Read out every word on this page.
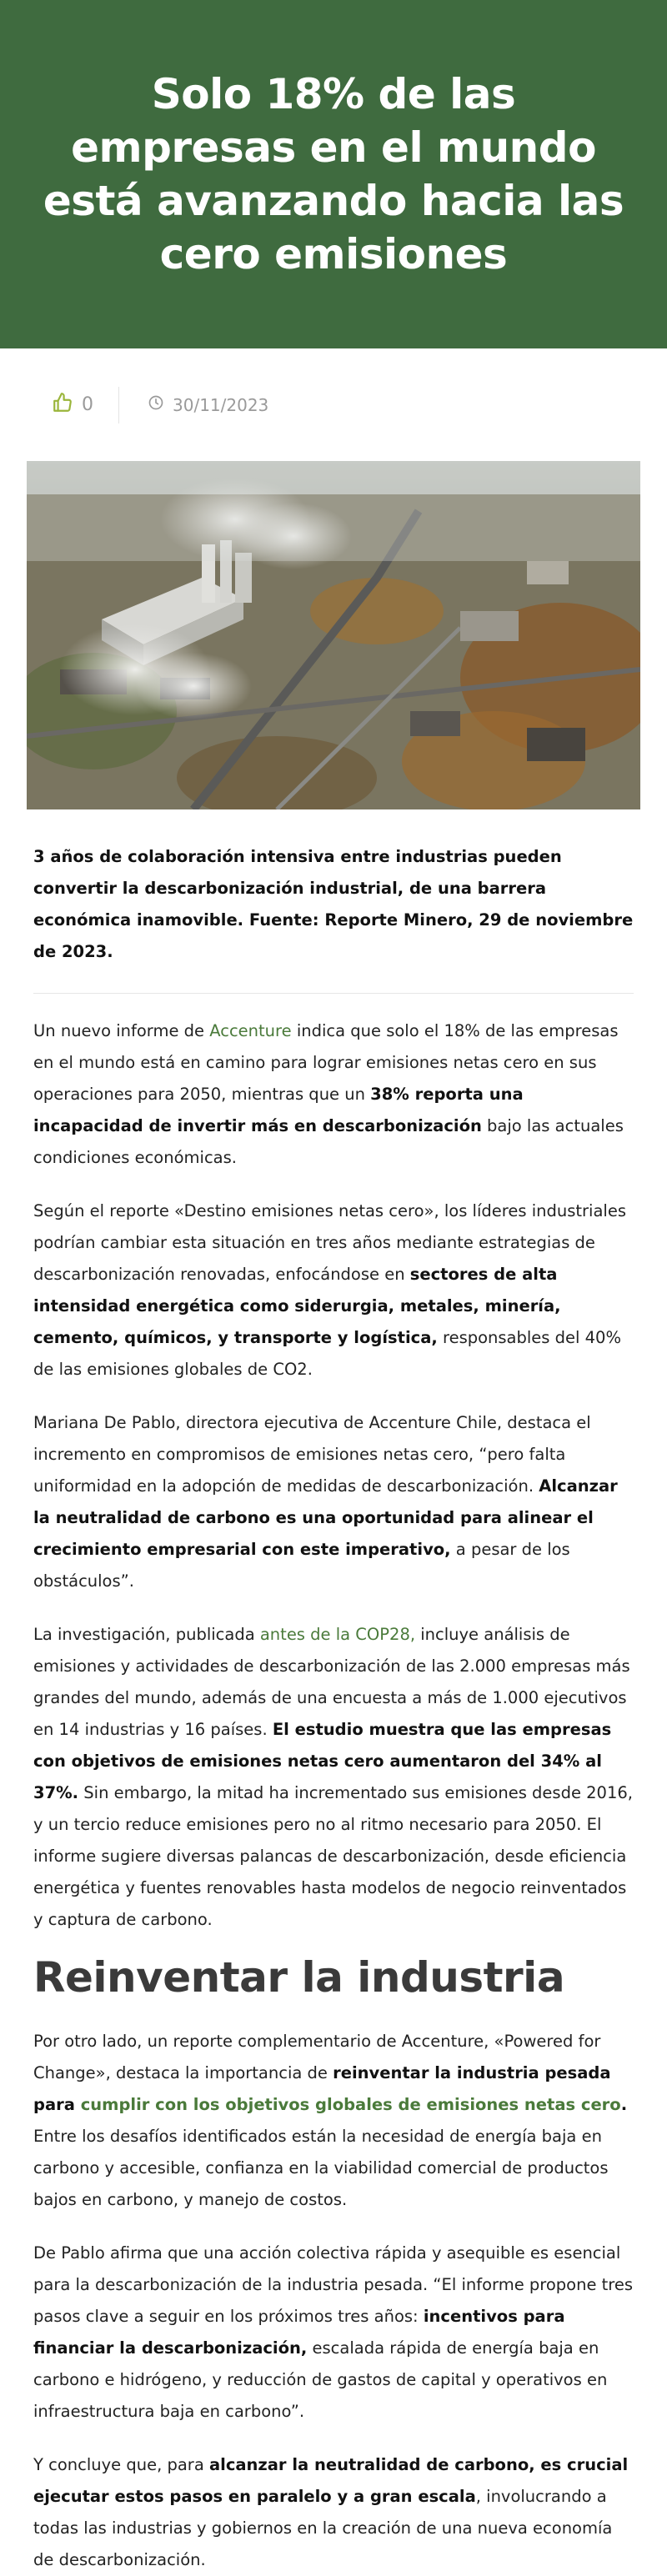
Solo 18% de las empresas en el mundo está avanzando hacia las cero emisiones
0	30/11/2023

3 años de colaboración intensiva entre industrias pueden convertir la descarbonización industrial, de una barrera económica inamovible. Fuente: Reporte Minero, 29 de noviembre de 2023.

Un nuevo informe de Accenture indica que solo el 18% de las empresas en el mundo está en camino para lograr emisiones netas cero en sus operaciones para 2050, mientras que un 38% reporta una incapacidad de invertir más en descarbonización bajo las actuales condiciones económicas.

Según el reporte «Destino emisiones netas cero», los líderes industriales podrían cambiar esta situación en tres años mediante estrategias de descarbonización renovadas, enfocándose en sectores de alta intensidad energética como siderurgia, metales, minería, cemento, químicos, y transporte y logística, responsables del 40% de las emisiones globales de CO2.

Mariana De Pablo, directora ejecutiva de Accenture Chile, destaca el incremento en compromisos de emisiones netas cero, “pero falta uniformidad en la adopción de medidas de descarbonización. Alcanzar la neutralidad de carbono es una oportunidad para alinear el crecimiento empresarial con este imperativo, a pesar de los obstáculos”.

La investigación, publicada antes de la COP28, incluye análisis de emisiones y actividades de descarbonización de las 2.000 empresas más grandes del mundo, además de una encuesta a más de 1.000 ejecutivos en 14 industrias y 16 países. El estudio muestra que las empresas con objetivos de emisiones netas cero aumentaron del 34% al 37%. Sin embargo, la mitad ha incrementado sus emisiones desde 2016, y un tercio reduce emisiones pero no al ritmo necesario para 2050. El informe sugiere diversas palancas de descarbonización, desde eficiencia energética y fuentes renovables hasta modelos de negocio reinventados y captura de carbono.

Reinventar la industria

Por otro lado, un reporte complementario de Accenture, «Powered for Change», destaca la importancia de reinventar la industria pesada para cumplir con los objetivos globales de emisiones netas cero. Entre los desafíos identificados están la necesidad de energía baja en carbono y accesible, confianza en la viabilidad comercial de productos bajos en carbono, y manejo de costos.

De Pablo afirma que una acción colectiva rápida y asequible es esencial para la descarbonización de la industria pesada. “El informe propone tres pasos clave a seguir en los próximos tres años: incentivos para financiar la descarbonización, escalada rápida de energía baja en carbono e hidrógeno, y reducción de gastos de capital y operativos en infraestructura baja en carbono”.

Y concluye que, para alcanzar la neutralidad de carbono, es crucial ejecutar estos pasos en paralelo y a gran escala, involucrando a todas las industrias y gobiernos en la creación de una nueva economía de descarbonización.
